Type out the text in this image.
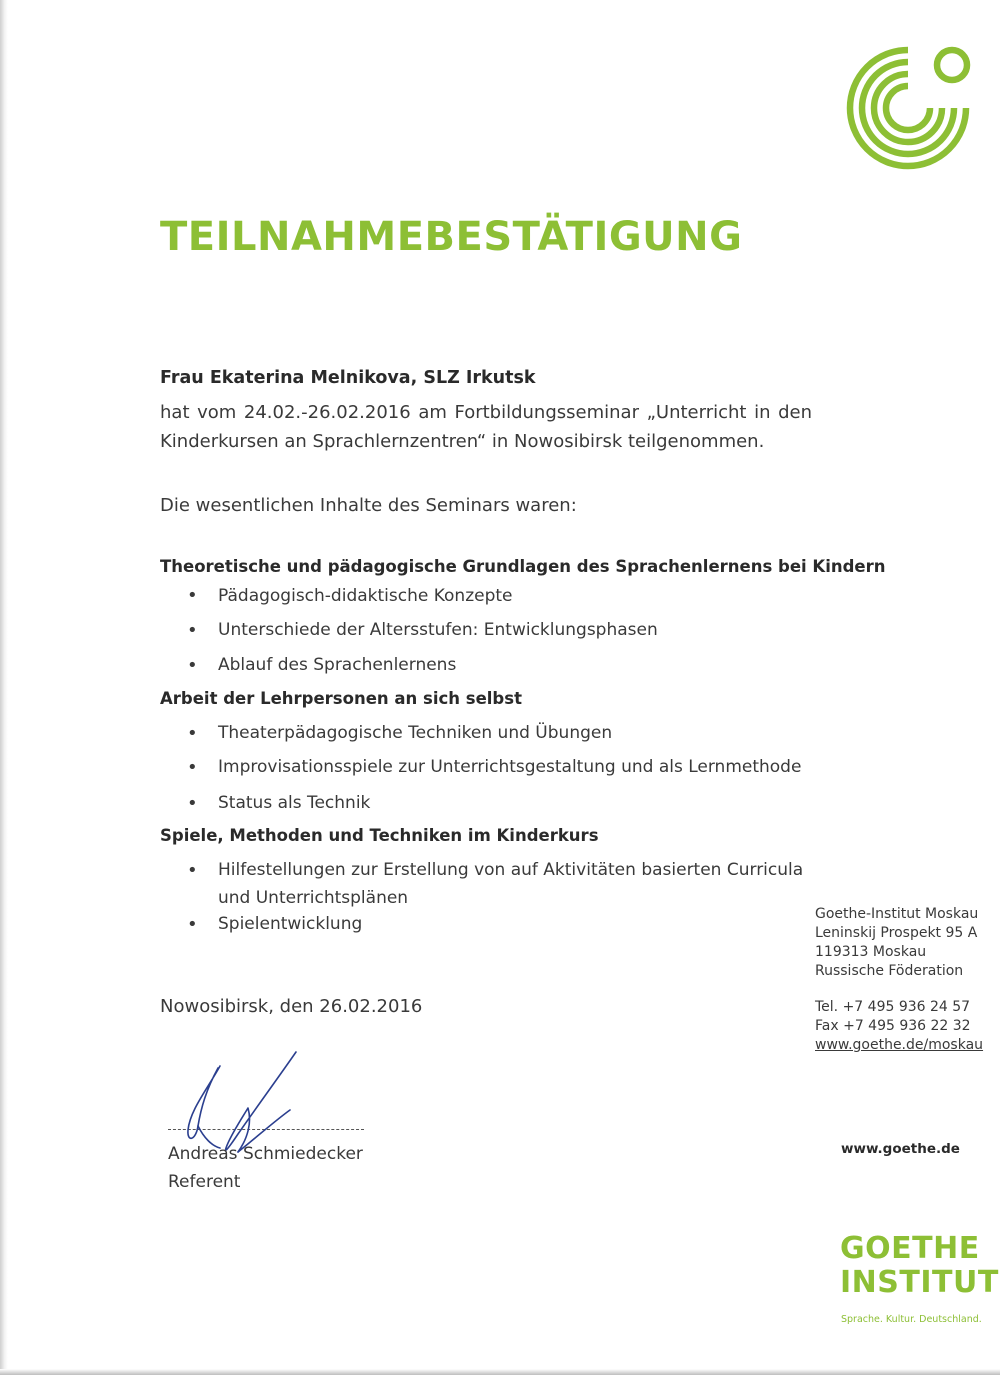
TEILNAHMEBESTÄTIGUNG
Frau Ekaterina Melnikova, SLZ Irkutsk
hat vom 24.02.-26.02.2016 am Fortbildungsseminar „Unterricht in den Kinderkursen an Sprachlernzentren“ in Nowosibirsk teilgenommen.
Die wesentlichen Inhalte des Seminars waren:
Theoretische und pädagogische Grundlagen des Sprachenlernens bei Kindern
• Pädagogisch-didaktische Konzepte
• Unterschiede der Altersstufen: Entwicklungsphasen
• Ablauf des Sprachenlernens
Arbeit der Lehrpersonen an sich selbst
• Theaterpädagogische Techniken und Übungen
• Improvisationsspiele zur Unterrichtsgestaltung und als Lernmethode
• Status als Technik
Spiele, Methoden und Techniken im Kinderkurs
• Hilfestellungen zur Erstellung von auf Aktivitäten basierten Curricula und Unterrichtsplänen
• Spielentwicklung
Nowosibirsk, den 26.02.2016
Andreas Schmiedecker
Referent
Goethe-Institut Moskau
Leninskij Prospekt 95 A
119313 Moskau
Russische Föderation
Tel. +7 495 936 24 57
Fax +7 495 936 22 32
www.goethe.de/moskau
www.goethe.de
GOETHE
INSTITUT
Sprache. Kultur. Deutschland.
